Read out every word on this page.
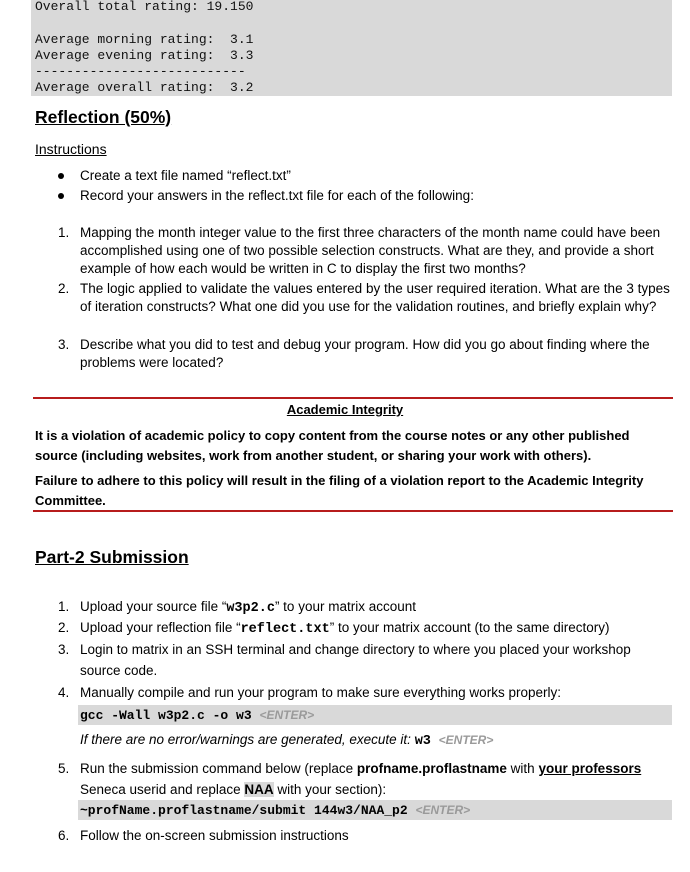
Overall total rating: 19.150
Average morning rating:  3.1
Average evening rating:  3.3
---------------------------
Average overall rating:  3.2
Reflection (50%)
Instructions
Create a text file named “reflect.txt”
Record your answers in the reflect.txt file for each of the following:
1. Mapping the month integer value to the first three characters of the month name could have been accomplished using one of two possible selection constructs. What are they, and provide a short example of how each would be written in C to display the first two months?
2. The logic applied to validate the values entered by the user required iteration. What are the 3 types of iteration constructs? What one did you use for the validation routines, and briefly explain why?
3. Describe what you did to test and debug your program. How did you go about finding where the problems were located?
Academic Integrity
It is a violation of academic policy to copy content from the course notes or any other published source (including websites, work from another student, or sharing your work with others).
Failure to adhere to this policy will result in the filing of a violation report to the Academic Integrity Committee.
Part-2 Submission
1. Upload your source file “w3p2.c” to your matrix account
2. Upload your reflection file “reflect.txt” to your matrix account (to the same directory)
3. Login to matrix in an SSH terminal and change directory to where you placed your workshop
source code.
4. Manually compile and run your program to make sure everything works properly:
gcc -Wall w3p2.c -o w3 <ENTER>
If there are no error/warnings are generated, execute it: w3 <ENTER>
5. Run the submission command below (replace profname.proflastname with your professors
Seneca userid and replace NAA with your section):
~profName.proflastname/submit 144w3/NAA_p2 <ENTER>
6. Follow the on-screen submission instructions
